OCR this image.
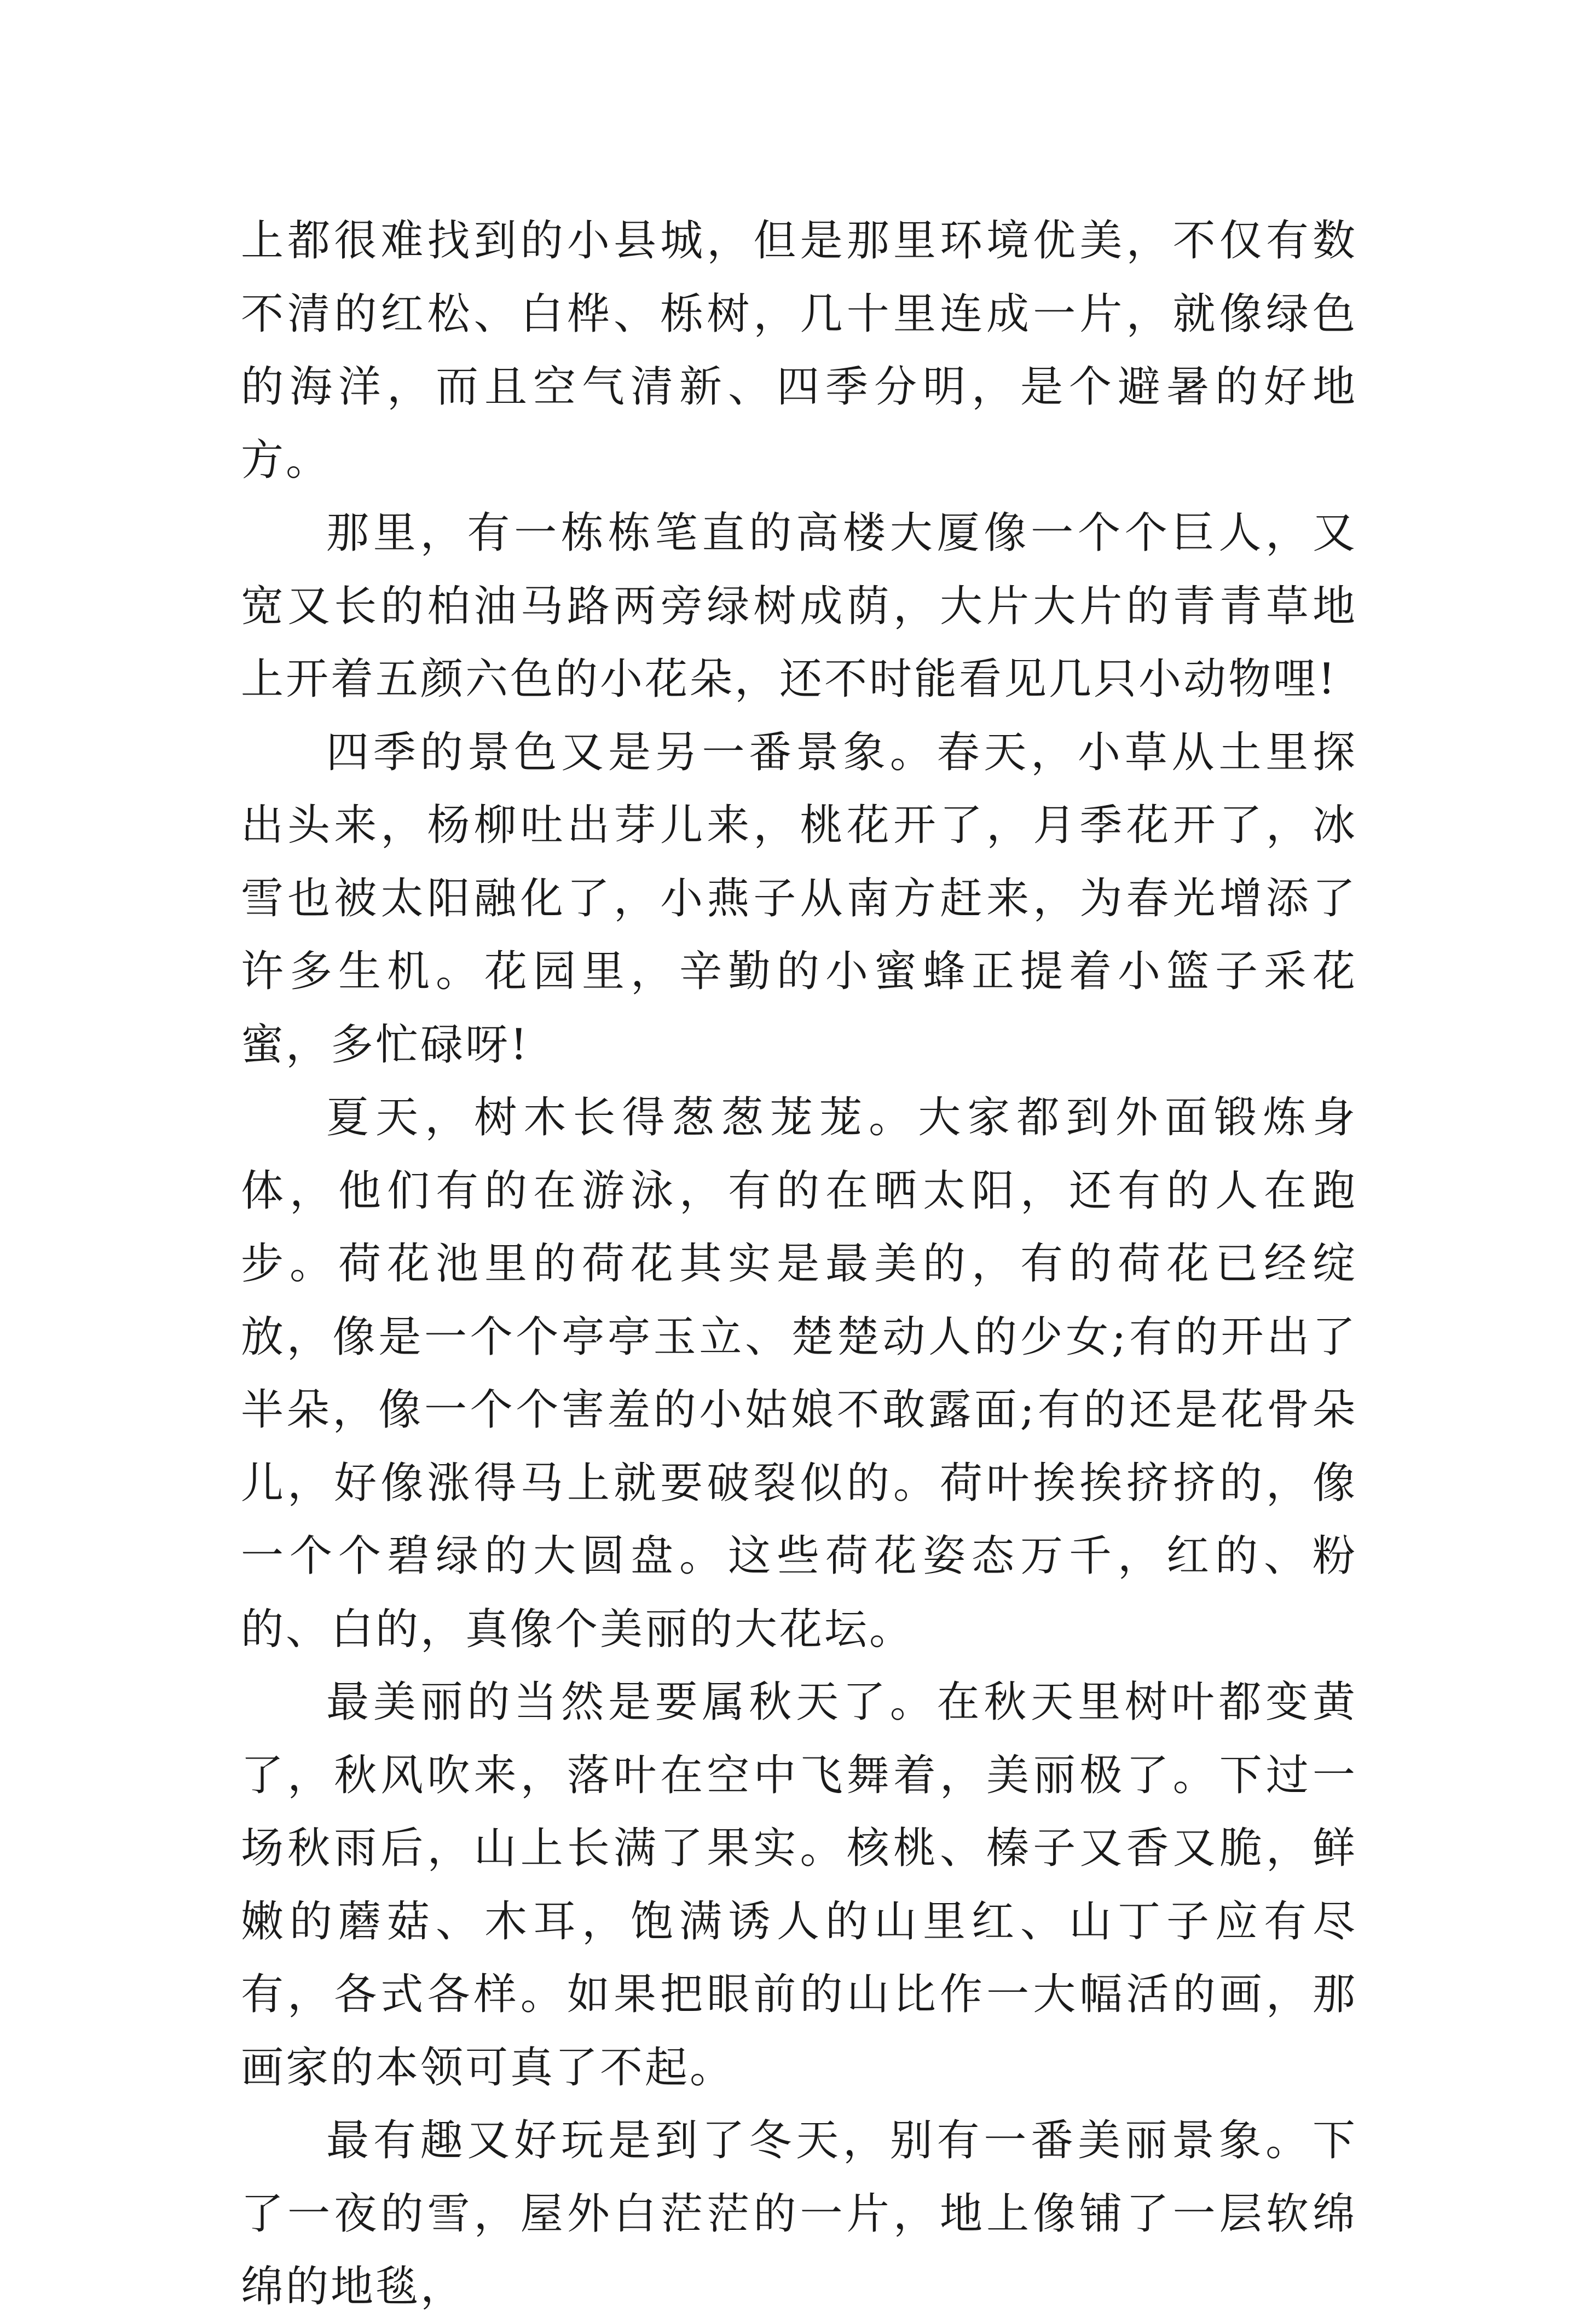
上都很难找到的小县城，但是那里环境优美，不仅有数不清的红松、白桦、栎树，几十里连成一片，就像绿色的海洋，而且空气清新、四季分明，是个避暑的好地方。

那里，有一栋栋笔直的高楼大厦像一个个巨人，又宽又长的柏油马路两旁绿树成荫，大片大片的青青草地上开着五颜六色的小花朵，还不时能看见几只小动物哩!

四季的景色又是另一番景象。春天，小草从土里探出头来，杨柳吐出芽儿来，桃花开了，月季花开了，冰雪也被太阳融化了，小燕子从南方赶来，为春光增添了许多生机。花园里，辛勤的小蜜蜂正提着小篮子采花蜜，多忙碌呀!

夏天，树木长得葱葱茏茏。大家都到外面锻炼身体，他们有的在游泳，有的在晒太阳，还有的人在跑步。荷花池里的荷花其实是最美的，有的荷花已经绽放，像是一个个亭亭玉立、楚楚动人的少女;有的开出了半朵，像一个个害羞的小姑娘不敢露面;有的还是花骨朵儿，好像涨得马上就要破裂似的。荷叶挨挨挤挤的，像一个个碧绿的大圆盘。这些荷花姿态万千，红的、粉的、白的，真像个美丽的大花坛。

最美丽的当然是要属秋天了。在秋天里树叶都变黄了，秋风吹来，落叶在空中飞舞着，美丽极了。下过一场秋雨后，山上长满了果实。核桃、榛子又香又脆，鲜嫩的蘑菇、木耳，饱满诱人的山里红、山丁子应有尽有，各式各样。如果把眼前的山比作一大幅活的画，那画家的本领可真了不起。

最有趣又好玩是到了冬天，别有一番美丽景象。下了一夜的雪，屋外白茫茫的一片，地上像铺了一层软绵绵的地毯，
